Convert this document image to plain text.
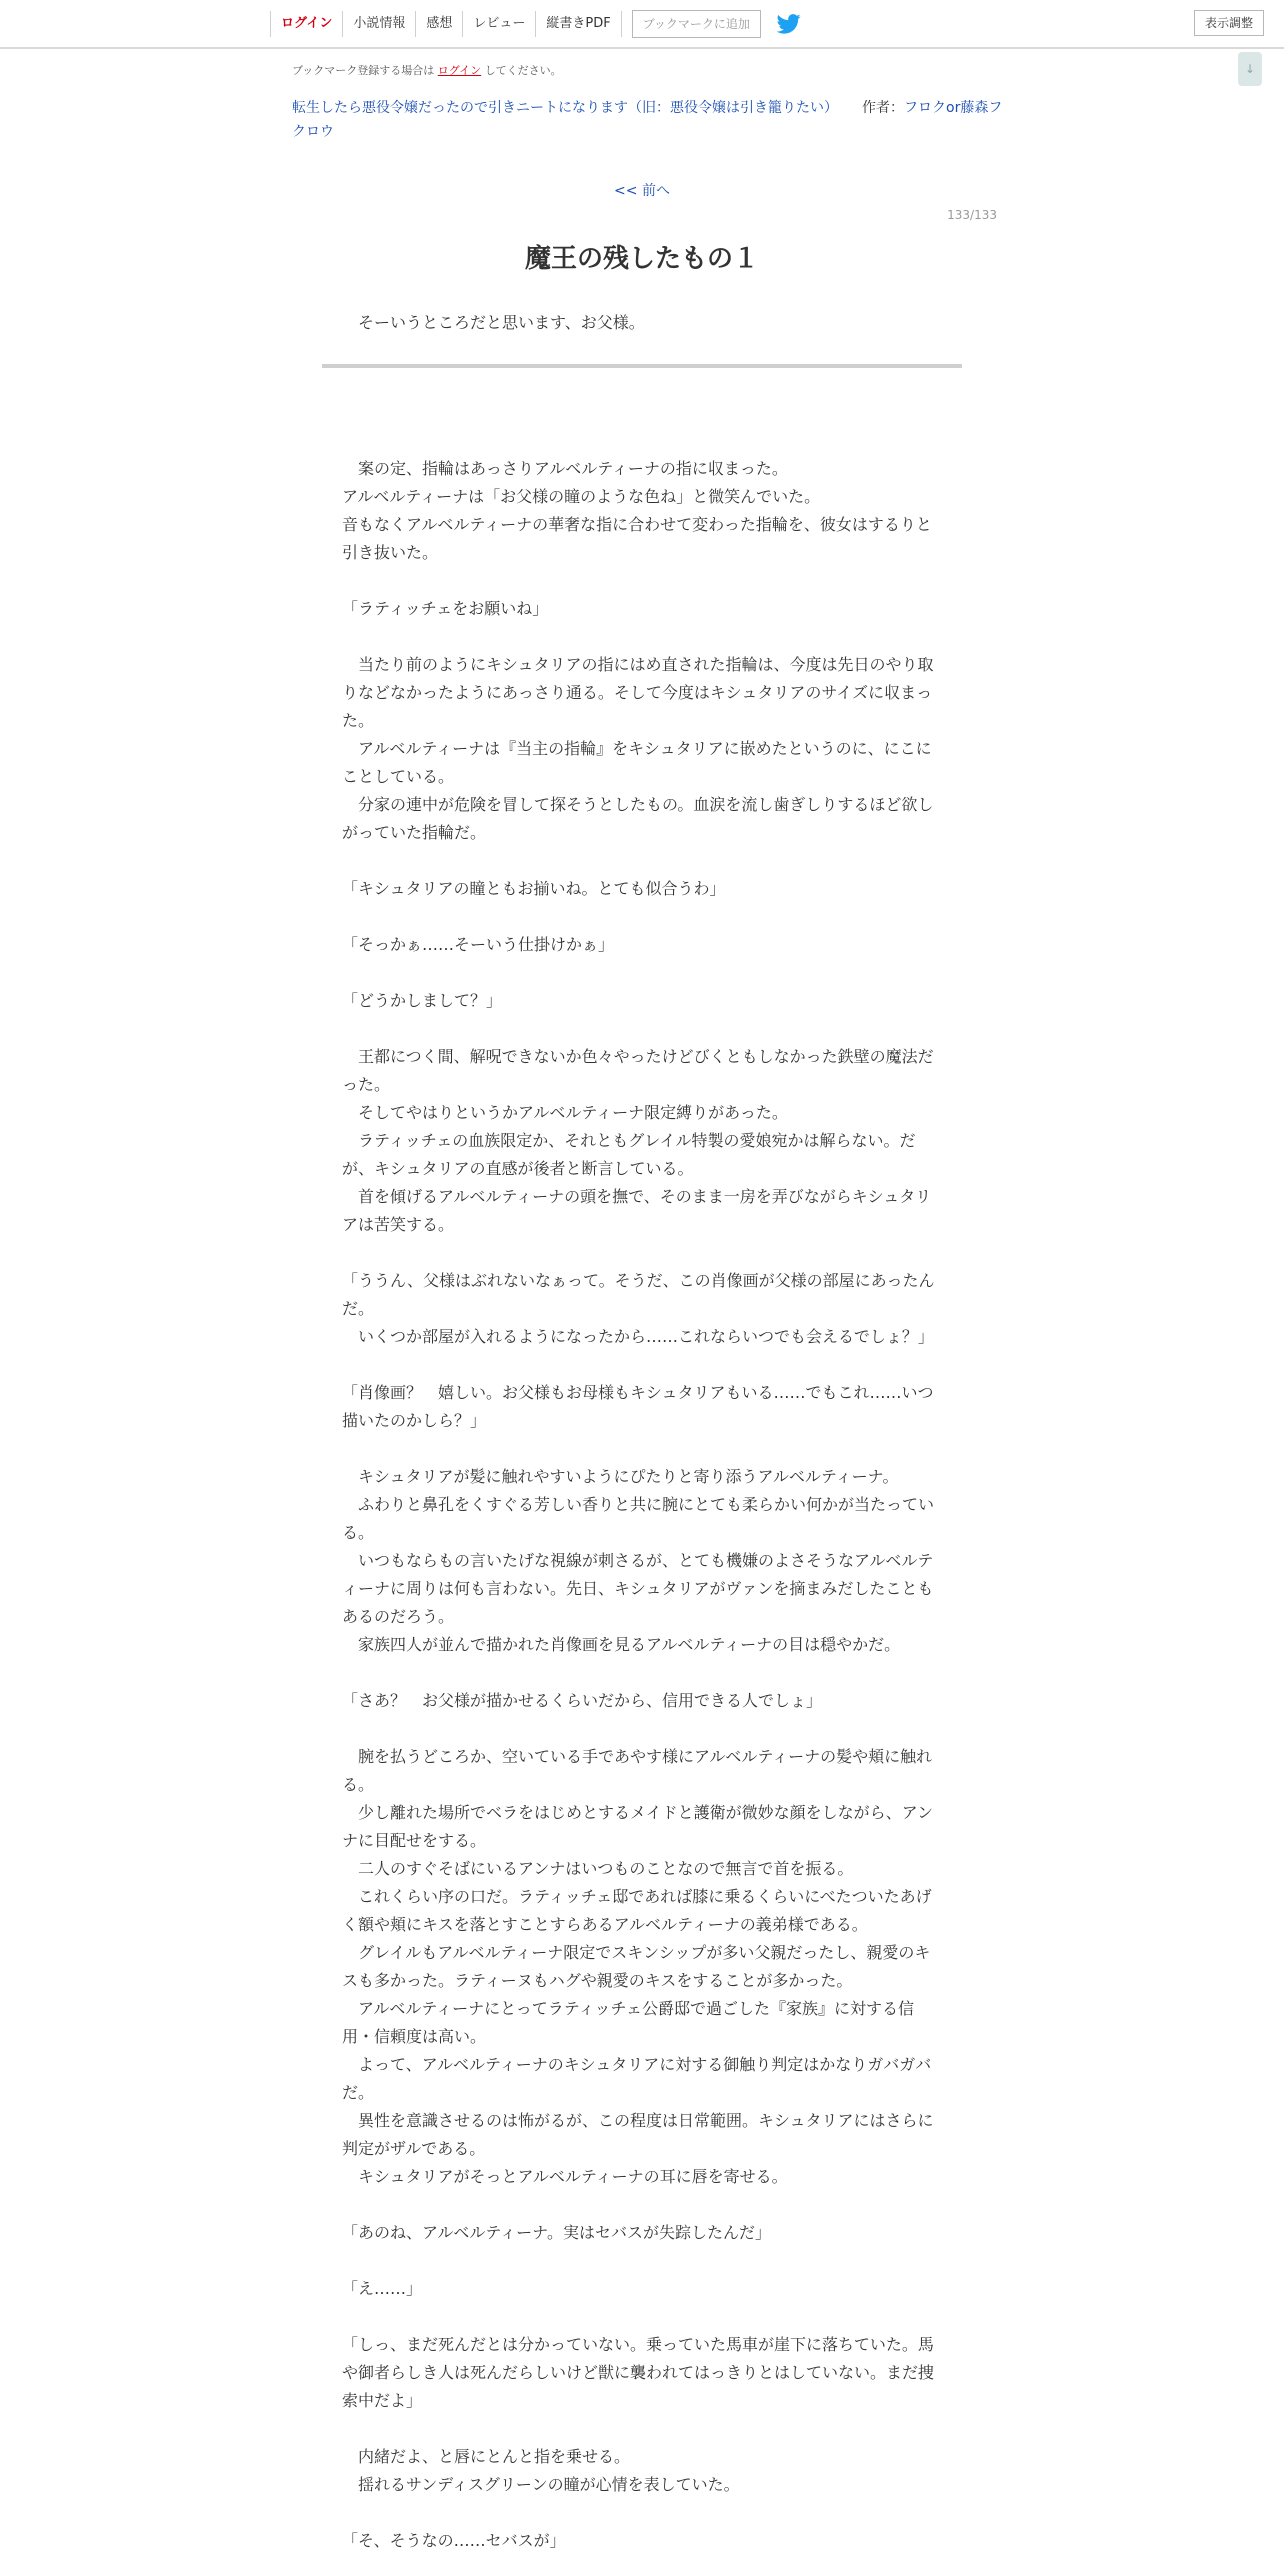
ログイン	小説情報	感想	レビュー	縦書きPDF	ブックマークに追加	表示調整
↓
ブックマーク登録する場合は ログイン してください。
転生したら悪役令嬢だったので引きニートになります（旧：悪役令嬢は引き籠りたい） 作者：フロクor藤森フクロウ
<< 前へ
133/133
魔王の残したもの１
そーいうところだと思います、お父様。

　案の定、指輪はあっさりアルベルティーナの指に収まった。

アルベルティーナは「お父様の瞳のような色ね」と微笑んでいた。

音もなくアルベルティーナの華奢な指に合わせて変わった指輪を、彼女はするりと引き抜いた。

「ラティッチェをお願いね」

　当たり前のようにキシュタリアの指にはめ直された指輪は、今度は先日のやり取りなどなかったようにあっさり通る。そして今度はキシュタリアのサイズに収まった。

　アルベルティーナは『当主の指輪』をキシュタリアに嵌めたというのに、にこにことしている。

　分家の連中が危険を冒して探そうとしたもの。血涙を流し歯ぎしりするほど欲しがっていた指輪だ。

「キシュタリアの瞳ともお揃いね。とても似合うわ」

「そっかぁ……そーいう仕掛けかぁ」

「どうかしまして？」

　王都につく間、解呪できないか色々やったけどびくともしなかった鉄壁の魔法だった。

　そしてやはりというかアルベルティーナ限定縛りがあった。

　ラティッチェの血族限定か、それともグレイル特製の愛娘宛かは解らない。だが、キシュタリアの直感が後者と断言している。

　首を傾げるアルベルティーナの頭を撫で、そのまま一房を弄びながらキシュタリアは苦笑する。

「ううん、父様はぶれないなぁって。そうだ、この肖像画が父様の部屋にあったんだ。

　いくつか部屋が入れるようになったから……これならいつでも会えるでしょ？」

「肖像画？　嬉しい。お父様もお母様もキシュタリアもいる……でもこれ……いつ描いたのかしら？」

　キシュタリアが髪に触れやすいようにぴたりと寄り添うアルベルティーナ。

　ふわりと鼻孔をくすぐる芳しい香りと共に腕にとても柔らかい何かが当たっている。

　いつもならもの言いたげな視線が刺さるが、とても機嫌のよさそうなアルベルティーナに周りは何も言わない。先日、キシュタリアがヴァンを摘まみだしたこともあるのだろう。

　家族四人が並んで描かれた肖像画を見るアルベルティーナの目は穏やかだ。

「さあ？　お父様が描かせるくらいだから、信用できる人でしょ」

　腕を払うどころか、空いている手であやす様にアルベルティーナの髪や頬に触れる。

　少し離れた場所でベラをはじめとするメイドと護衛が微妙な顔をしながら、アンナに目配せをする。

　二人のすぐそばにいるアンナはいつものことなので無言で首を振る。

　これくらい序の口だ。ラティッチェ邸であれば膝に乗るくらいにべたついたあげく額や頬にキスを落とすことすらあるアルベルティーナの義弟様である。

　グレイルもアルベルティーナ限定でスキンシップが多い父親だったし、親愛のキスも多かった。ラティーヌもハグや親愛のキスをすることが多かった。

　アルベルティーナにとってラティッチェ公爵邸で過ごした『家族』に対する信用・信頼度は高い。

　よって、アルベルティーナのキシュタリアに対する御触り判定はかなりガバガバだ。

　異性を意識させるのは怖がるが、この程度は日常範囲。キシュタリアにはさらに判定がザルである。

　キシュタリアがそっとアルベルティーナの耳に唇を寄せる。

「あのね、アルベルティーナ。実はセバスが失踪したんだ」

「え……」

「しっ、まだ死んだとは分かっていない。乗っていた馬車が崖下に落ちていた。馬や御者らしき人は死んだらしいけど獣に襲われてはっきりとはしていない。まだ捜索中だよ」

　内緒だよ、と唇にとんと指を乗せる。

　揺れるサンディスグリーンの瞳が心情を表していた。

「そ、そうなの……セバスが」
